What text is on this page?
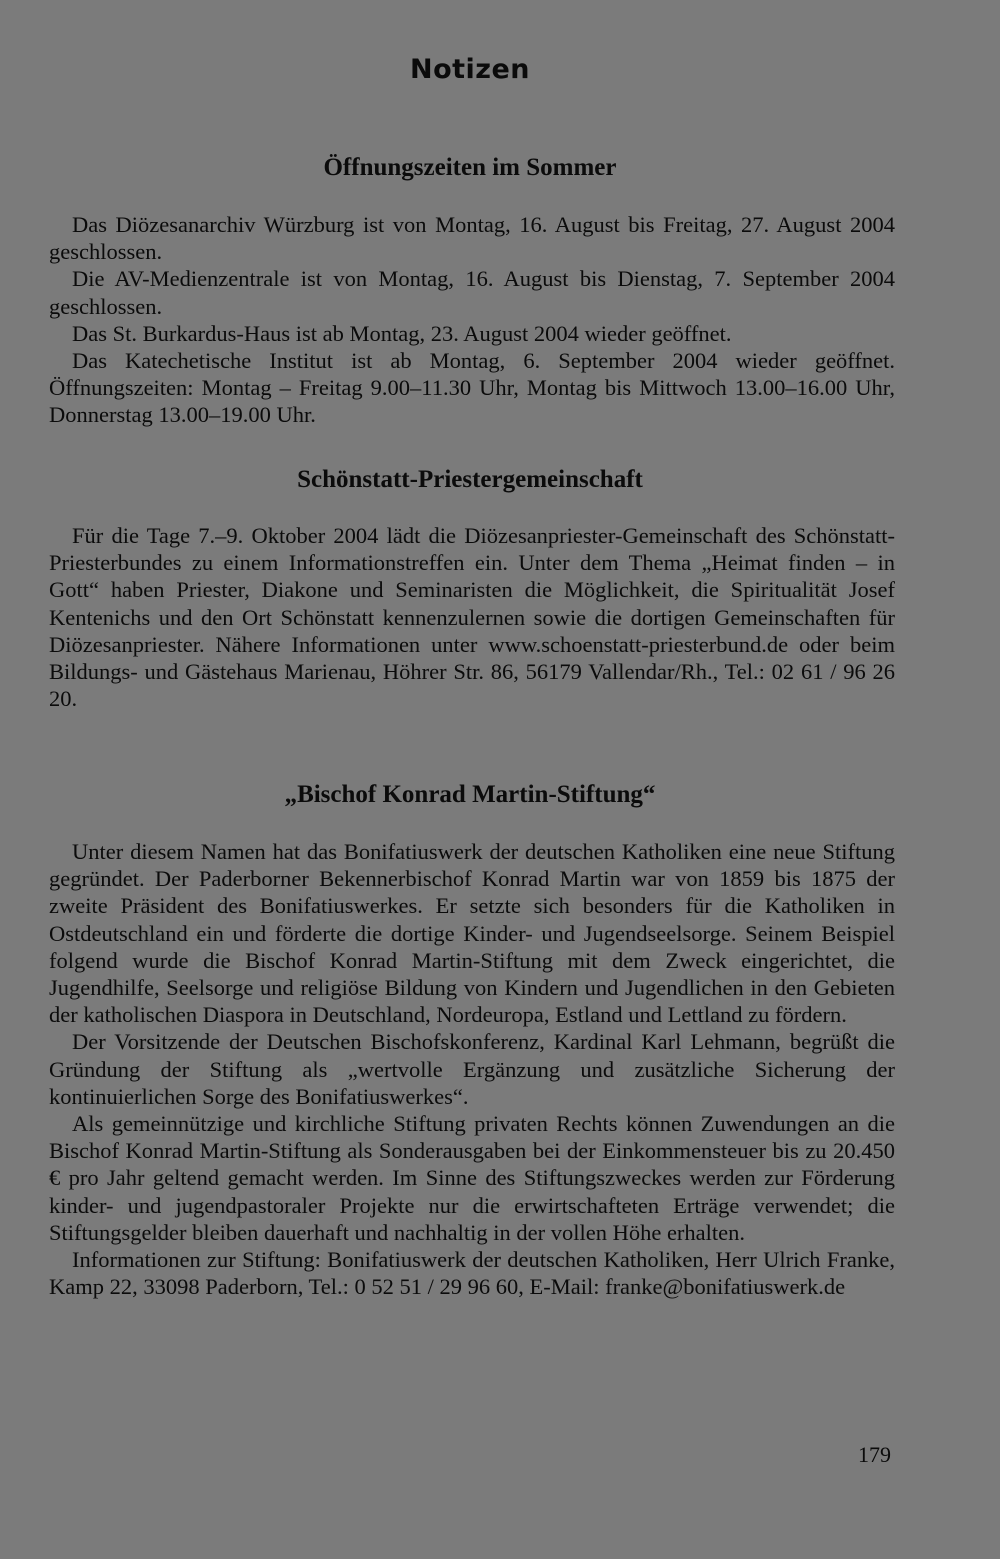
Notizen
Öffnungszeiten im Sommer

Das Diözesanarchiv Würzburg ist von Montag, 16. August bis Freitag, 27. August 2004 geschlossen.

Die AV-Medienzentrale ist von Montag, 16. August bis Dienstag, 7. September 2004 geschlossen.

Das St. Burkardus-Haus ist ab Montag, 23. August 2004 wieder geöffnet.

Das Katechetische Institut ist ab Montag, 6. September 2004 wieder geöffnet. Öffnungszeiten: Montag – Freitag 9.00–11.30 Uhr, Montag bis Mittwoch 13.00–16.00 Uhr, Donnerstag 13.00–19.00 Uhr.

Schönstatt-Priestergemeinschaft

Für die Tage 7.–9. Oktober 2004 lädt die Diözesanpriester-Gemeinschaft des Schönstatt-Priesterbundes zu einem Informationstreffen ein. Unter dem Thema „Heimat finden – in Gott“ haben Priester, Diakone und Seminaristen die Möglichkeit, die Spiritualität Josef Kentenichs und den Ort Schönstatt kennenzulernen sowie die dortigen Gemeinschaften für Diözesanpriester. Nähere Informationen unter www.schoenstatt-priesterbund.de oder beim Bildungs- und Gästehaus Marienau, Höhrer Str. 86, 56179 Vallendar/Rh., Tel.: 02 61 / 96 26 20.

„Bischof Konrad Martin-Stiftung“

Unter diesem Namen hat das Bonifatiuswerk der deutschen Katholiken eine neue Stiftung gegründet. Der Paderborner Bekennerbischof Konrad Martin war von 1859 bis 1875 der zweite Präsident des Bonifatiuswerkes. Er setzte sich besonders für die Katholiken in Ostdeutschland ein und förderte die dortige Kinder- und Jugendseelsorge. Seinem Beispiel folgend wurde die Bischof Konrad Martin-Stiftung mit dem Zweck eingerichtet, die Jugendhilfe, Seelsorge und religiöse Bildung von Kindern und Jugendlichen in den Gebieten der katholischen Diaspora in Deutschland, Nordeuropa, Estland und Lettland zu fördern.

Der Vorsitzende der Deutschen Bischofskonferenz, Kardinal Karl Lehmann, begrüßt die Gründung der Stiftung als „wertvolle Ergänzung und zusätzliche Sicherung der kontinuierlichen Sorge des Bonifatiuswerkes“.

Als gemeinnützige und kirchliche Stiftung privaten Rechts können Zuwendungen an die Bischof Konrad Martin-Stiftung als Sonderausgaben bei der Einkommensteuer bis zu 20.450 € pro Jahr geltend gemacht werden. Im Sinne des Stiftungszweckes werden zur Förderung kinder- und jugendpastoraler Projekte nur die erwirtschafteten Erträge verwendet; die Stiftungsgelder bleiben dauerhaft und nachhaltig in der vollen Höhe erhalten.

Informationen zur Stiftung: Bonifatiuswerk der deutschen Katholiken, Herr Ulrich Franke, Kamp 22, 33098 Paderborn, Tel.: 0 52 51 / 29 96 60, E-Mail: franke@bonifatiuswerk.de

179
